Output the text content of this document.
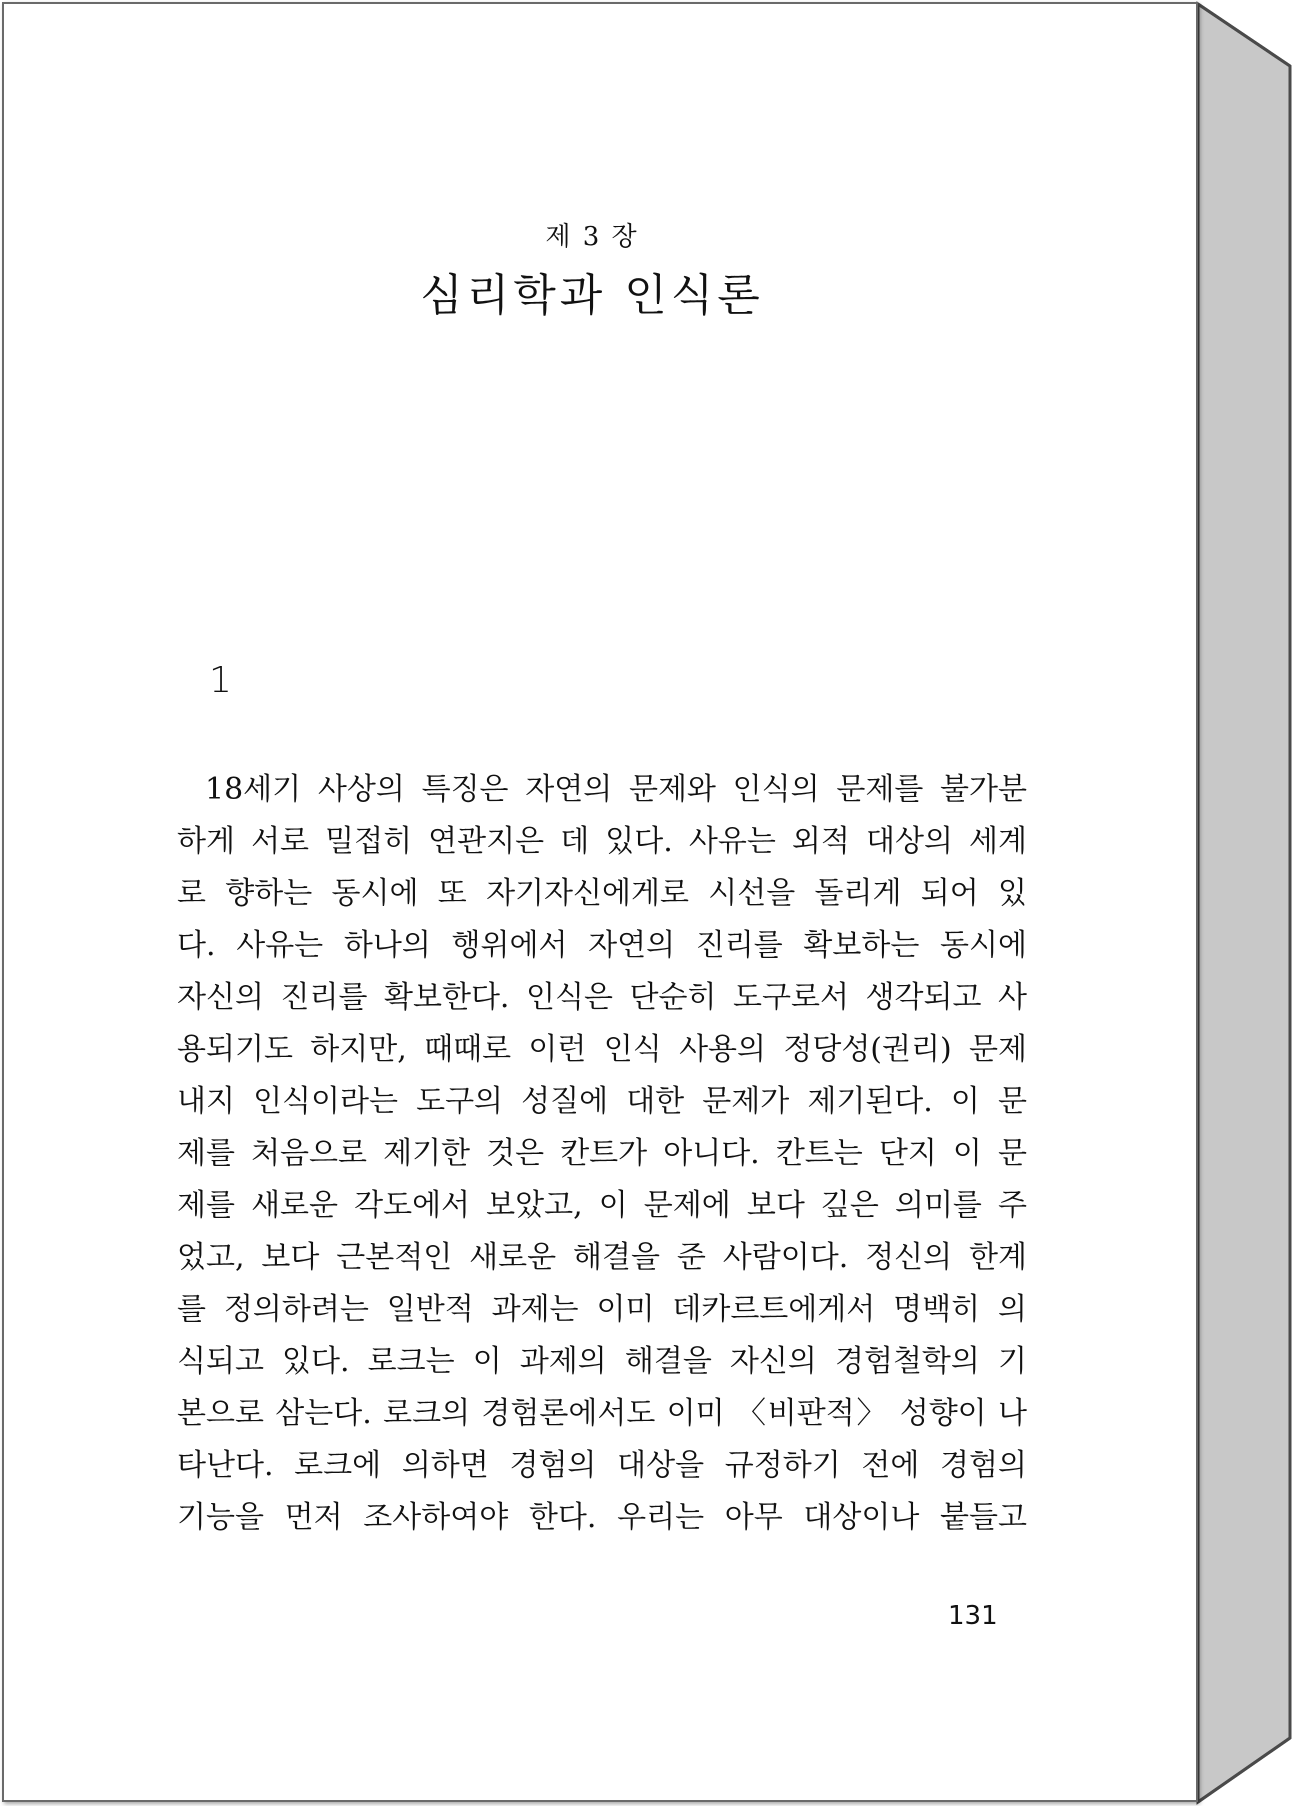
제 3 장
심리학과 인식론
1
18세기 사상의 특징은 자연의 문제와 인식의 문제를 불가분
하게 서로 밀접히 연관지은 데 있다. 사유는 외적 대상의 세계
로 향하는 동시에 또 자기자신에게로 시선을 돌리게 되어 있
다. 사유는 하나의 행위에서 자연의 진리를 확보하는 동시에
자신의 진리를 확보한다. 인식은 단순히 도구로서 생각되고 사
용되기도 하지만, 때때로 이런 인식 사용의 정당성(권리) 문제
내지 인식이라는 도구의 성질에 대한 문제가 제기된다. 이 문
제를 처음으로 제기한 것은 칸트가 아니다. 칸트는 단지 이 문
제를 새로운 각도에서 보았고, 이 문제에 보다 깊은 의미를 주
었고, 보다 근본적인 새로운 해결을 준 사람이다. 정신의 한계
를 정의하려는 일반적 과제는 이미 데카르트에게서 명백히 의
식되고 있다. 로크는 이 과제의 해결을 자신의 경험철학의 기
본으로 삼는다. 로크의 경험론에서도 이미 〈비판적〉 성향이 나
타난다. 로크에 의하면 경험의 대상을 규정하기 전에 경험의
기능을 먼저 조사하여야 한다. 우리는 아무 대상이나 붙들고
131
